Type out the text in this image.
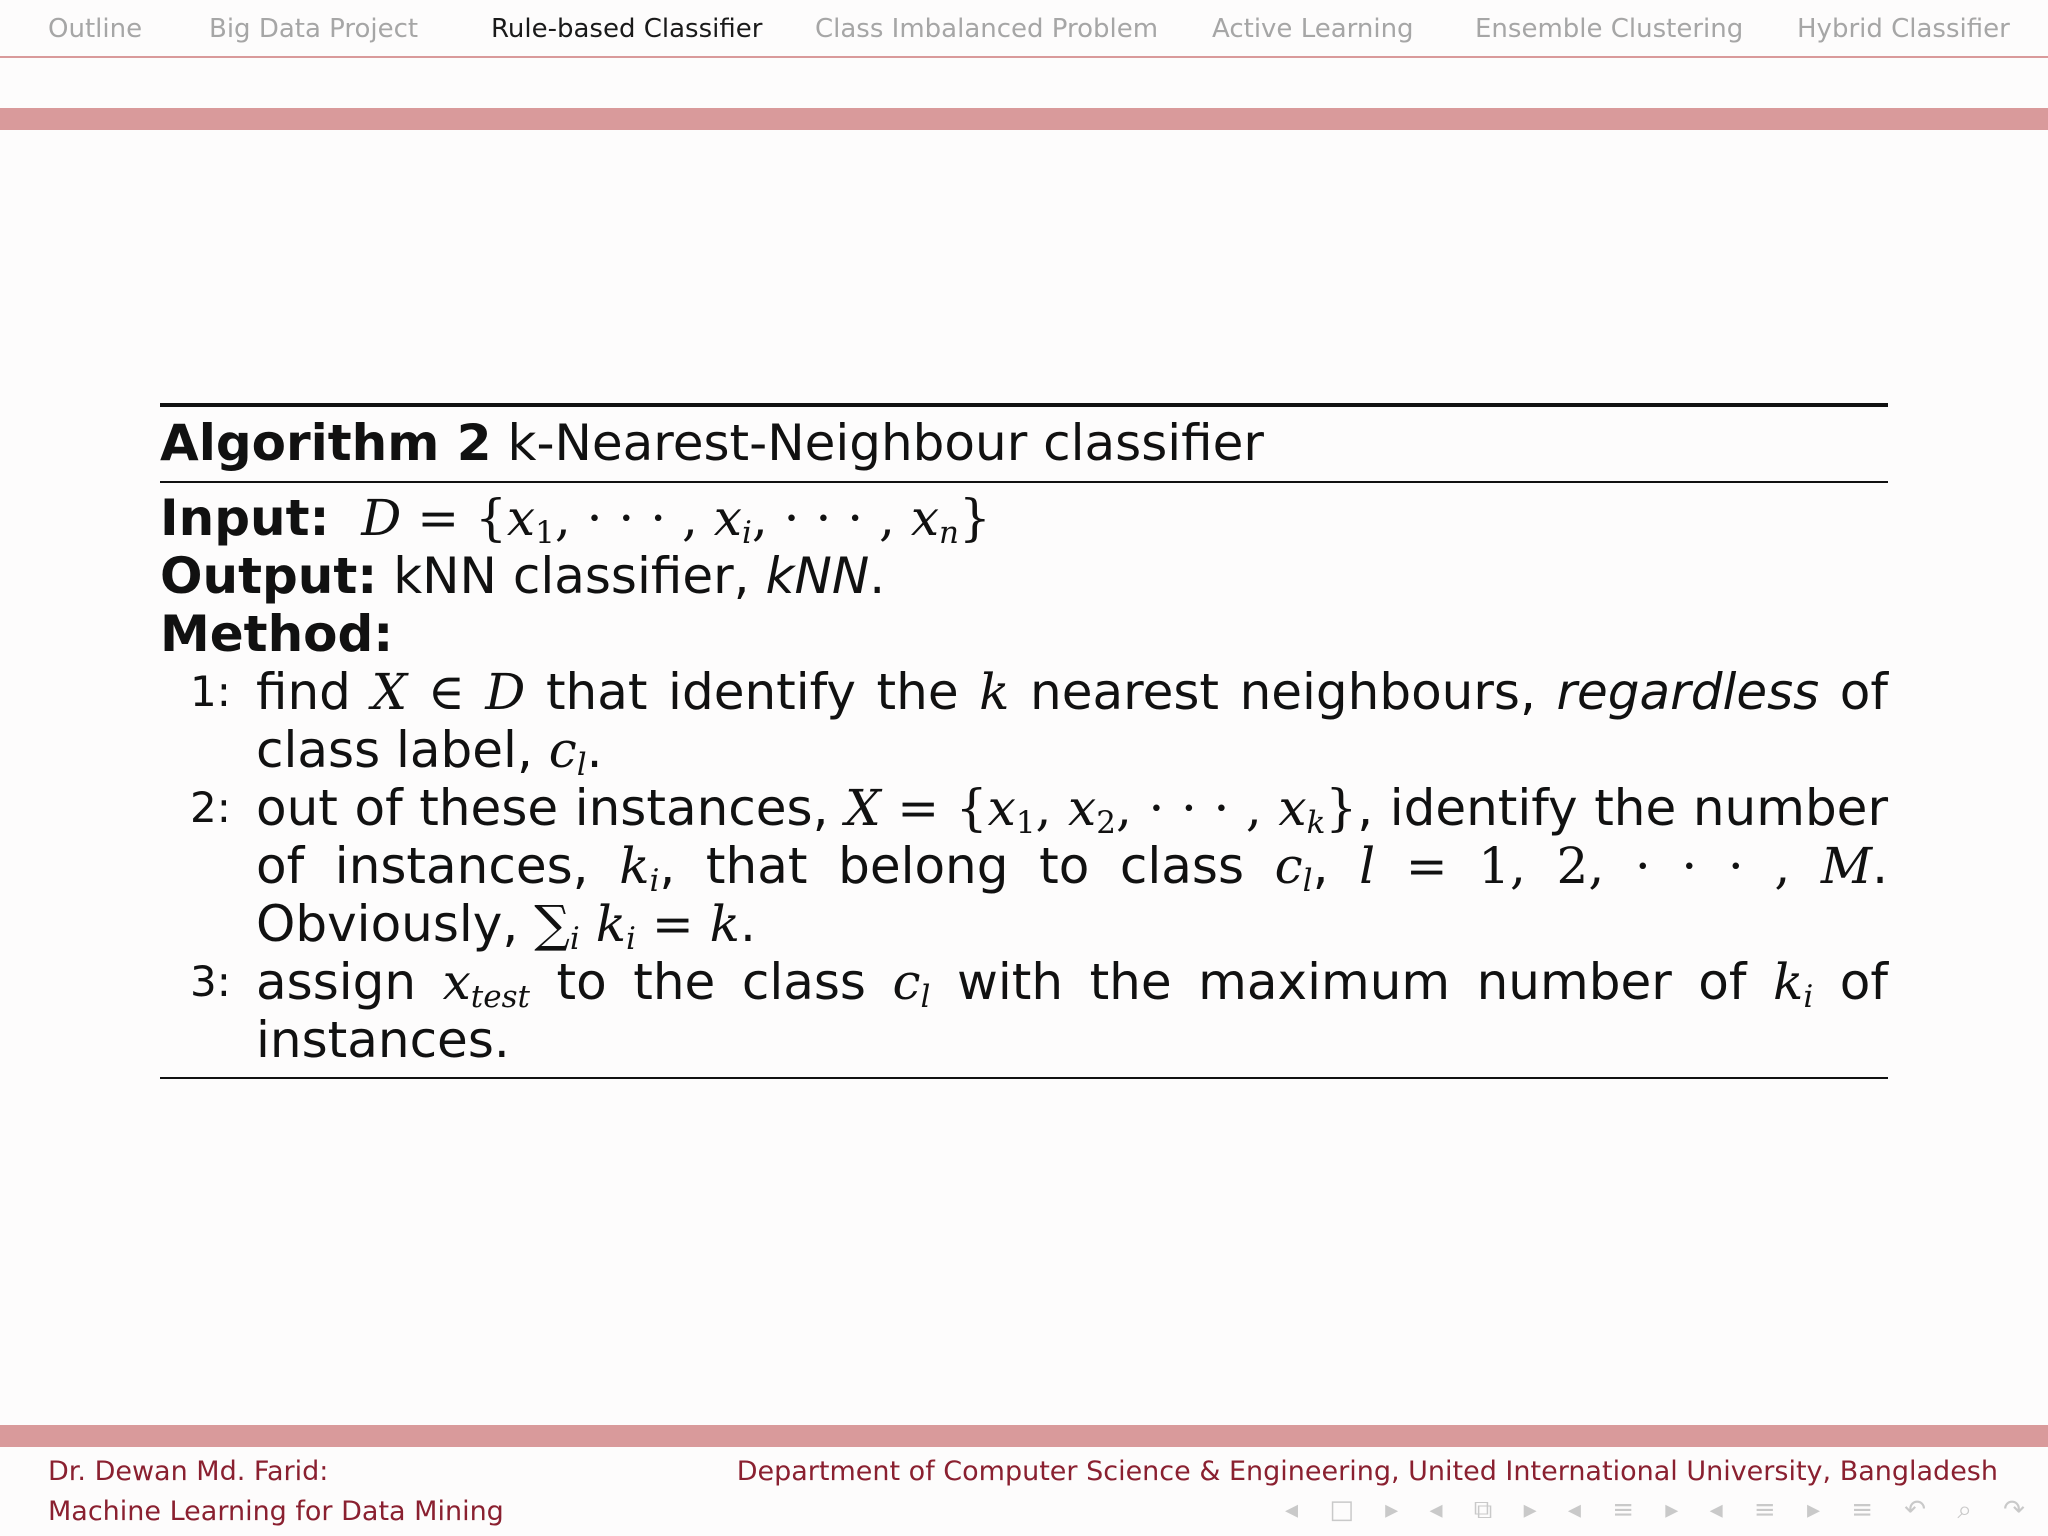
Outline	Big Data Project	Rule-based Classifier Class Imbalanced Problem Active Learning Ensemble Clustering Hybrid Classifier
Algorithm 2 k-Nearest-Neighbour classifier
Input: $D = \{x_1$, · · · , $x_i$, · · · , $x_n$}
Output: kNN classifier, kNN.
Method:
1: find X ∈ D that identify the k nearest neighbours, regardless of class label, $c_l$.
2: out of these instances, $X = \{x_1$, $x_2$, · · · , $x_k$}, identify the number of instances, $k_i$, that belong to class $c_l$, l = 1, 2, · · · , M. Obviously, $\sum_i$ $k_i = k$.
3: assign $x_{test}$ to the class $c_l$ with the maximum number of $k_i$ of instances.
Dr. Dewan Md. Farid:
Machine Learning for Data Mining
Department of Computer Science & Engineering, United International University, Bangladesh
◂ □ ▸ ◂ ⧉ ▸ ◂ ≡ ▸ ◂ ≡ ▸ ≡ ↶ ⌕ ↷
